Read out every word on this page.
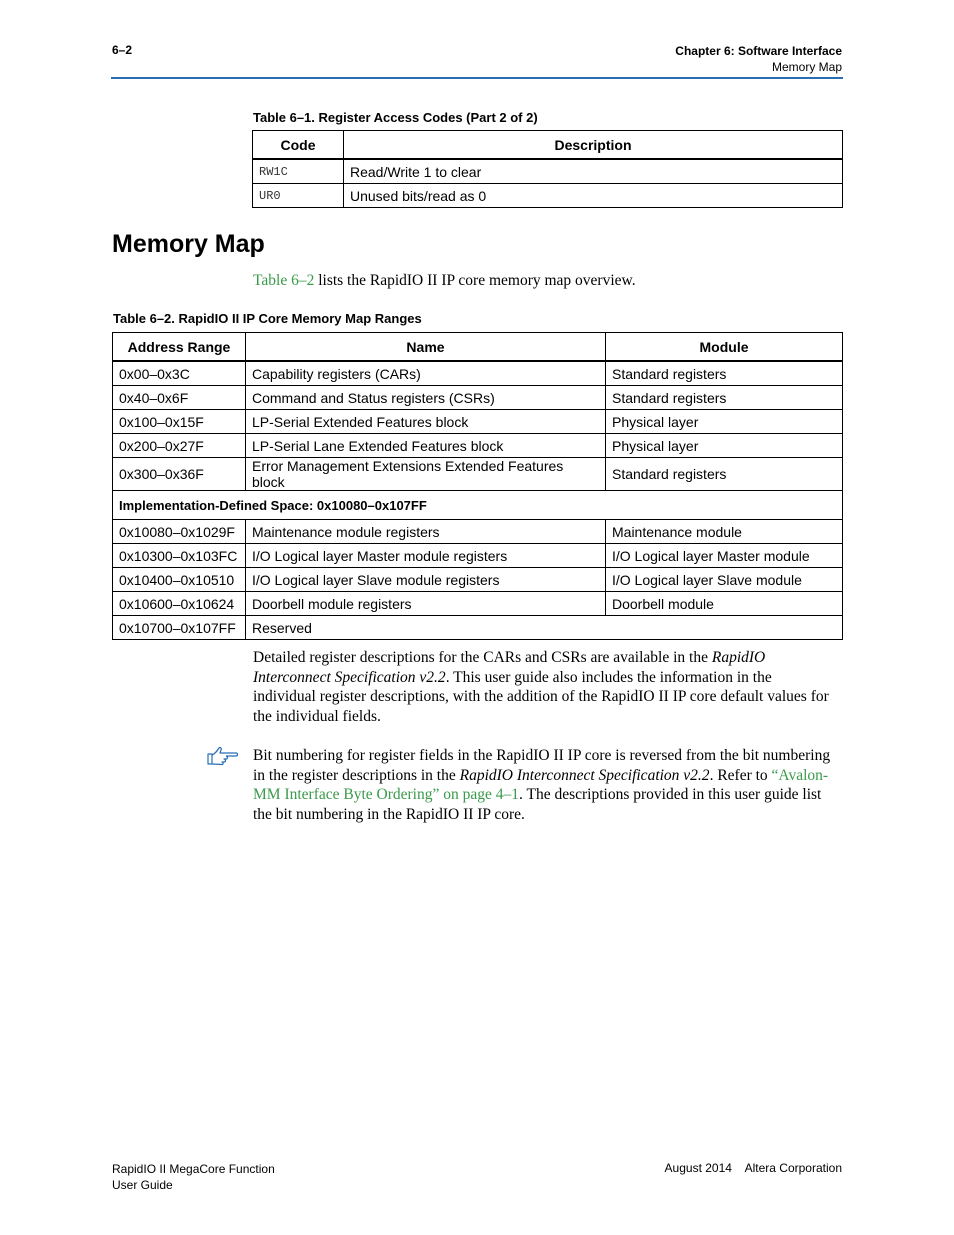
6–2	Chapter 6: Software Interface
Memory Map
Table 6–1. Register Access Codes (Part 2 of 2)
Code	Description
RW1C	Read/Write 1 to clear
UR0	Unused bits/read as 0
Memory Map
Table 6–2 lists the RapidIO II IP core memory map overview.
Table 6–2. RapidIO II IP Core Memory Map Ranges
Address Range	Name	Module
0x00–0x3C	Capability registers (CARs)	Standard registers
0x40–0x6F	Command and Status registers (CSRs)	Standard registers
0x100–0x15F	LP-Serial Extended Features block	Physical layer
0x200–0x27F	LP-Serial Lane Extended Features block	Physical layer
0x300–0x36F	Error Management Extensions Extended Features block	Standard registers
Implementation-Defined Space: 0x10080–0x107FF		
0x10080–0x1029F	Maintenance module registers	Maintenance module
0x10300–0x103FC	I/O Logical layer Master module registers	I/O Logical layer Master module
0x10400–0x10510	I/O Logical layer Slave module registers	I/O Logical layer Slave module
0x10600–0x10624	Doorbell module registers	Doorbell module
0x10700–0x107FF	Reserved	
Detailed register descriptions for the CARs and CSRs are available in the RapidIO Interconnect Specification v2.2. This user guide also includes the information in the individual register descriptions, with the addition of the RapidIO II IP core default values for the individual fields.
Bit numbering for register fields in the RapidIO II IP core is reversed from the bit numbering in the register descriptions in the RapidIO Interconnect Specification v2.2. Refer to “Avalon-MM Interface Byte Ordering” on page 4–1. The descriptions provided in this user guide list the bit numbering in the RapidIO II IP core.
RapidIO II MegaCore Function
User Guide
August 2014    Altera Corporation
